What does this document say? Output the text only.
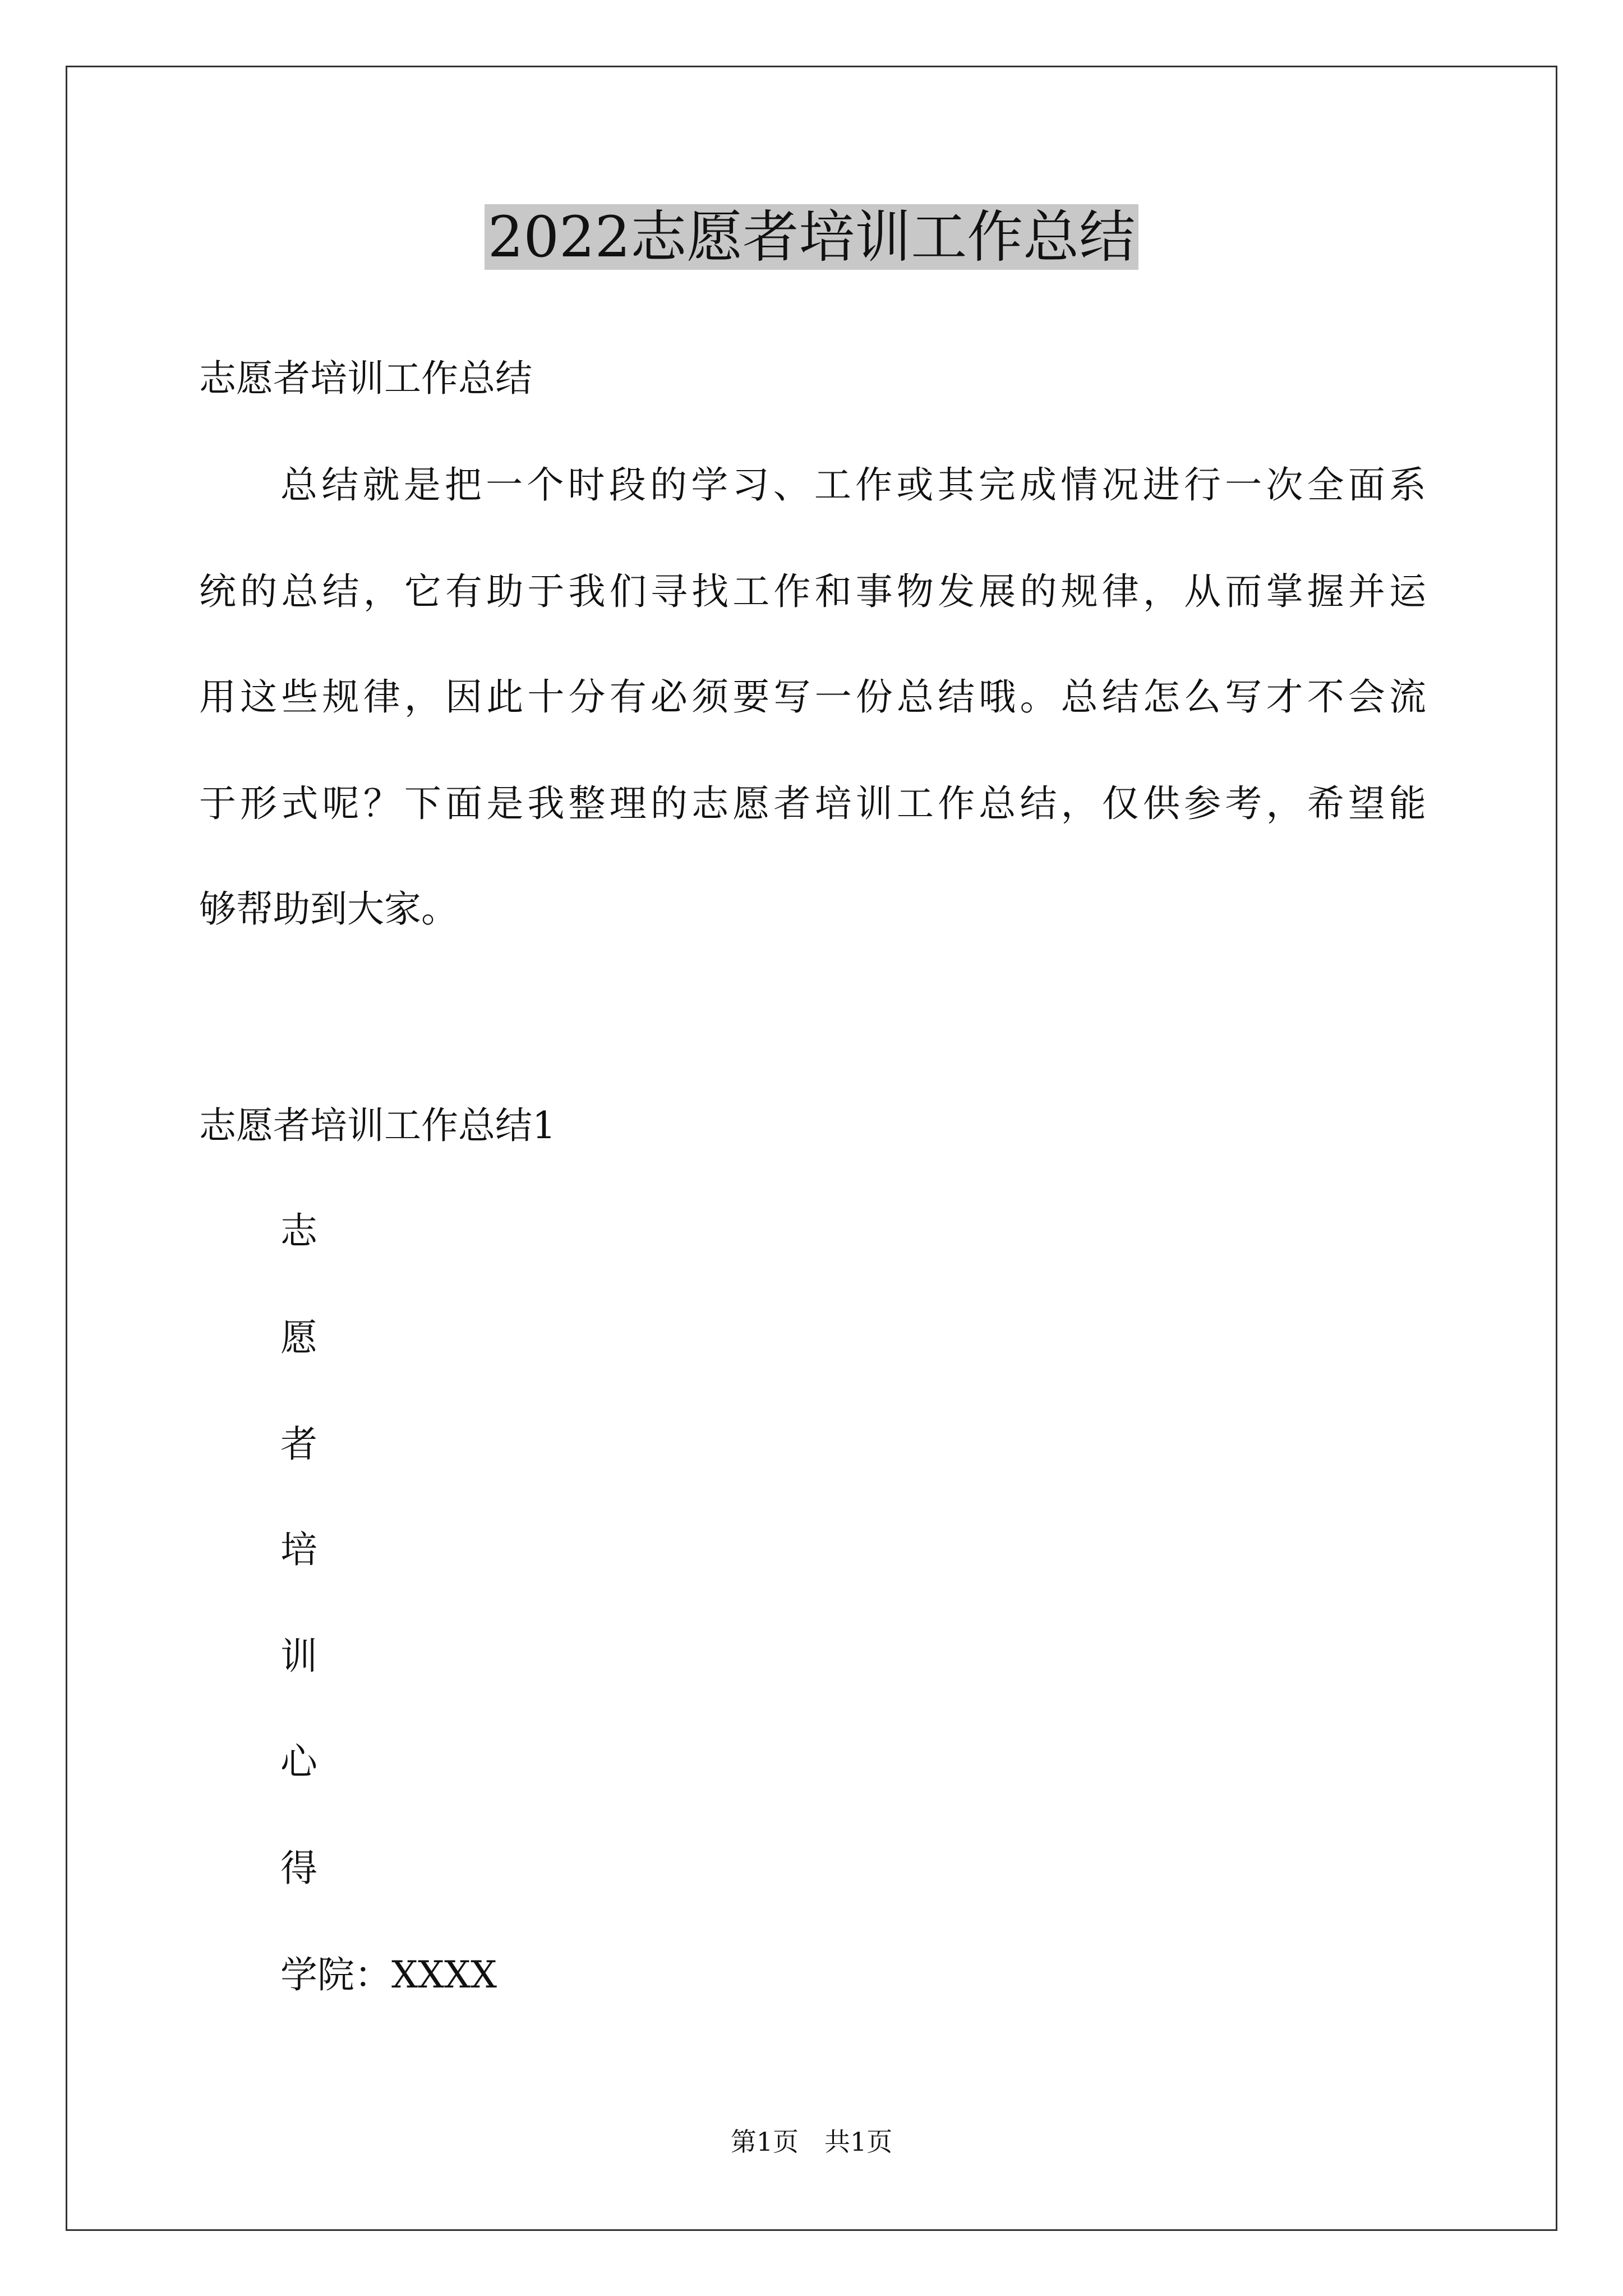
2022志愿者培训工作总结

志愿者培训工作总结

总结就是把一个时段的学习、工作或其完成情况进行一次全面系

统的总结，它有助于我们寻找工作和事物发展的规律，从而掌握并运

用这些规律，因此十分有必须要写一份总结哦。总结怎么写才不会流

于形式呢？下面是我整理的志愿者培训工作总结，仅供参考，希望能

够帮助到大家。

志愿者培训工作总结1

志

愿

者

培

训

心

得

学院：XXXX

第1页　共1页
